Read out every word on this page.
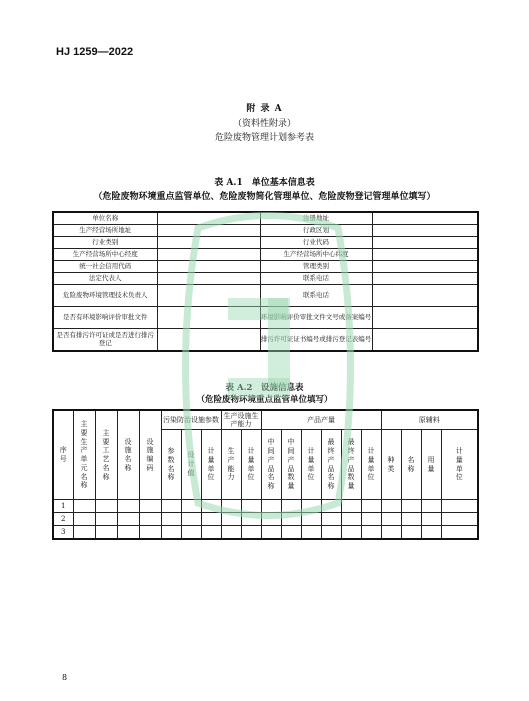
HJ 1259—2022
附 录 A
（资料性附录）
危险废物管理计划参考表
表 A.1　单位基本信息表
（危险废物环境重点监管单位、危险废物简化管理单位、危险废物登记管理单位填写）
单位名称		注册地址	
生产经营场所地址		行政区划	
行业类别		行业代码	
生产经营场所中心经度		生产经营场所中心纬度	
统一社会信用代码		管理类别	
法定代表人		联系电话	
危险废物环境管理技术负责人		联系电话	
是否有环境影响评价审批文件		环境影响评价审批文件文号或备案编号	
是否有排污许可证或是否进行排污登记		排污许可证证书编号或排污登记表编号	
表 A.2　设施信息表
（危险废物环境重点监管单位填写）
序号	主要生产单元名称	主要工艺名称	设施名称	设施编码	污染防治设施参数			生产设施生产能力		产品产量						原辅料			

					参数名称	设计值	计量单位	生产能力	计量单位	中间产品名称	中间产品数量	计量单位	最终产品名称	最终产品数量	计量单位	种类	名称	用量	计量单位

1																			
2																			
3																			
8
